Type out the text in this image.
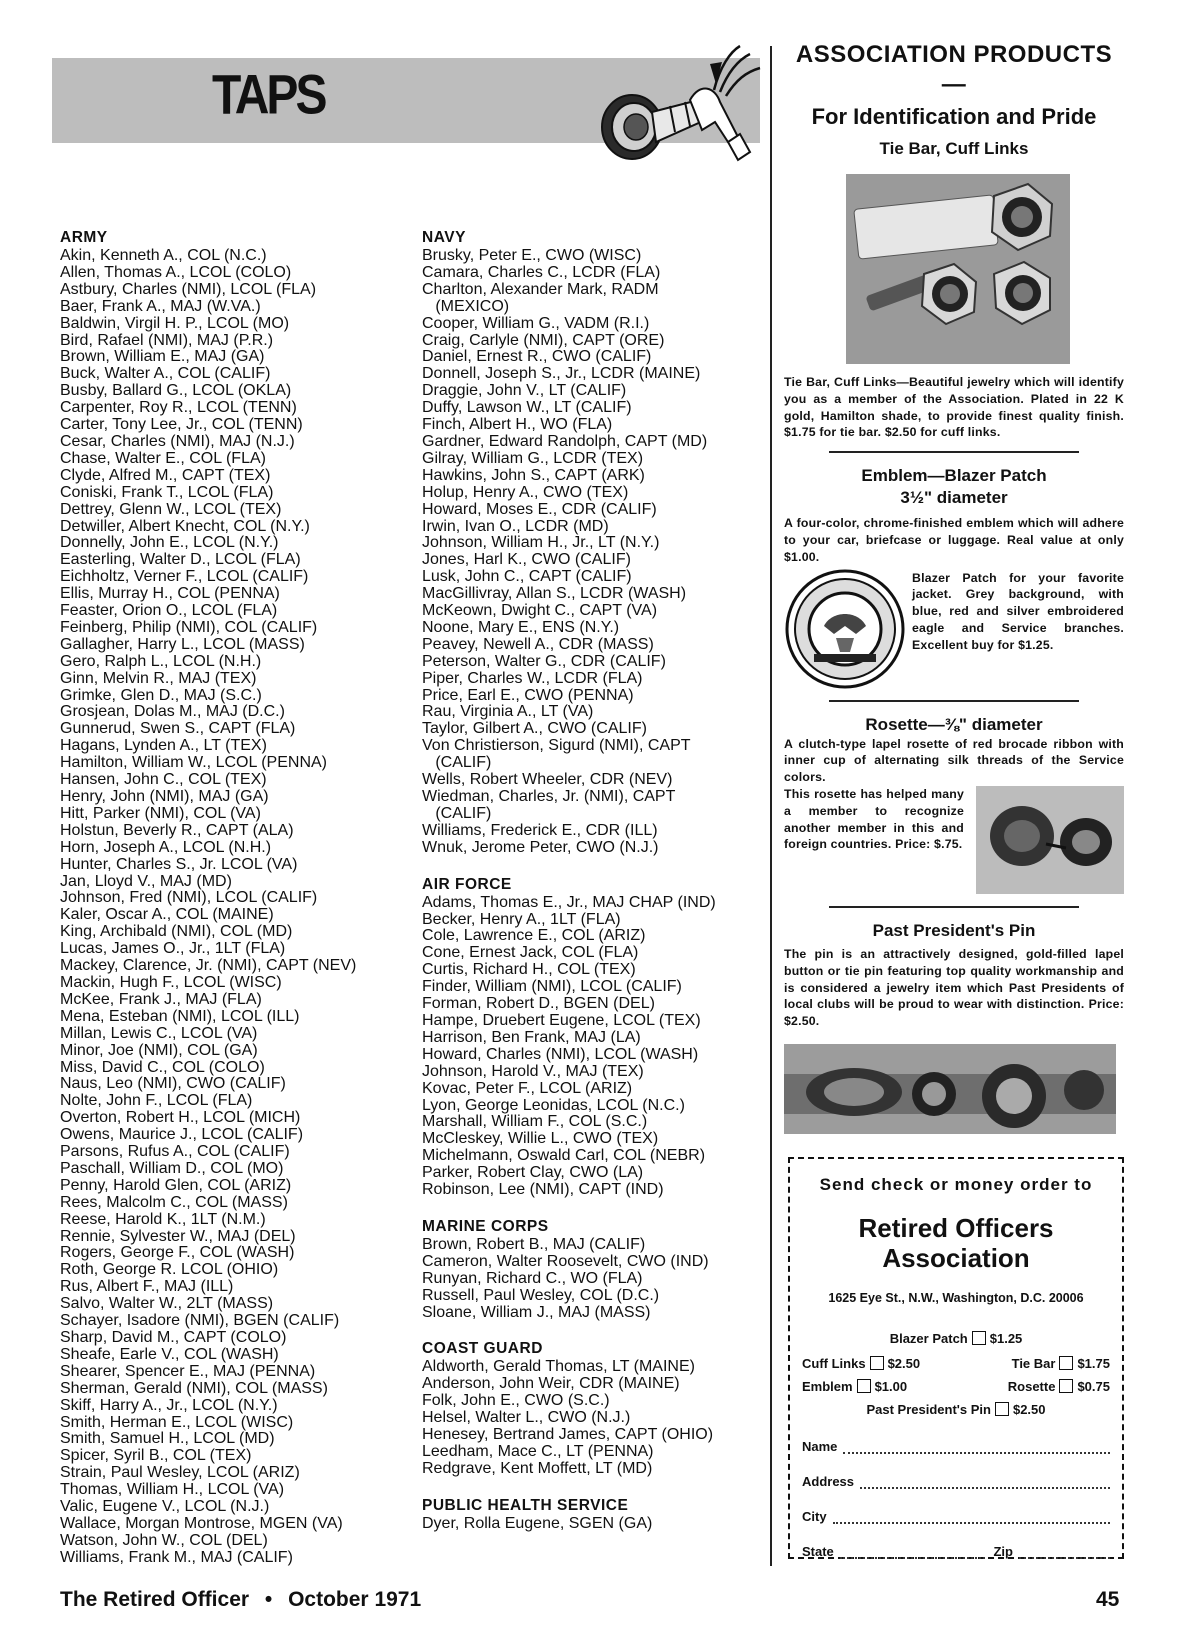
TAPS

ARMY

Akin, Kenneth A., COL (N.C.)
Allen, Thomas A., LCOL (COLO)
Astbury, Charles (NMI), LCOL (FLA)
Baer, Frank A., MAJ (W.VA.)
Baldwin, Virgil H. P., LCOL (MO)
Bird, Rafael (NMI), MAJ (P.R.)
Brown, William E., MAJ (GA)
Buck, Walter A., COL (CALIF)
Busby, Ballard G., LCOL (OKLA)
Carpenter, Roy R., LCOL (TENN)
Carter, Tony Lee, Jr., COL (TENN)
Cesar, Charles (NMI), MAJ (N.J.)
Chase, Walter E., COL (FLA)
Clyde, Alfred M., CAPT (TEX)
Coniski, Frank T., LCOL (FLA)
Dettrey, Glenn W., LCOL (TEX)
Detwiller, Albert Knecht, COL (N.Y.)
Donnelly, John E., LCOL (N.Y.)
Easterling, Walter D., LCOL (FLA)
Eichholtz, Verner F., LCOL (CALIF)
Ellis, Murray H., COL (PENNA)
Feaster, Orion O., LCOL (FLA)
Feinberg, Philip (NMI), COL (CALIF)
Gallagher, Harry L., LCOL (MASS)
Gero, Ralph L., LCOL (N.H.)
Ginn, Melvin R., MAJ (TEX)
Grimke, Glen D., MAJ (S.C.)
Grosjean, Dolas M., MAJ (D.C.)
Gunnerud, Swen S., CAPT (FLA)
Hagans, Lynden A., LT (TEX)
Hamilton, William W., LCOL (PENNA)
Hansen, John C., COL (TEX)
Henry, John (NMI), MAJ (GA)
Hitt, Parker (NMI), COL (VA)
Holstun, Beverly R., CAPT (ALA)
Horn, Joseph A., LCOL (N.H.)
Hunter, Charles S., Jr. LCOL (VA)
Jan, Lloyd V., MAJ (MD)
Johnson, Fred (NMI), LCOL (CALIF)
Kaler, Oscar A., COL (MAINE)
King, Archibald (NMI), COL (MD)
Lucas, James O., Jr., 1LT (FLA)
Mackey, Clarence, Jr. (NMI), CAPT (NEV)
Mackin, Hugh F., LCOL (WISC)
McKee, Frank J., MAJ (FLA)
Mena, Esteban (NMI), LCOL (ILL)
Millan, Lewis C., LCOL (VA)
Minor, Joe (NMI), COL (GA)
Miss, David C., COL (COLO)
Naus, Leo (NMI), CWO (CALIF)
Nolte, John F., LCOL (FLA)
Overton, Robert H., LCOL (MICH)
Owens, Maurice J., LCOL (CALIF)
Parsons, Rufus A., COL (CALIF)
Paschall, William D., COL (MO)
Penny, Harold Glen, COL (ARIZ)
Rees, Malcolm C., COL (MASS)
Reese, Harold K., 1LT (N.M.)
Rennie, Sylvester W., MAJ (DEL)
Rogers, George F., COL (WASH)
Roth, George R. LCOL (OHIO)
Rus, Albert F., MAJ (ILL)
Salvo, Walter W., 2LT (MASS)
Schayer, Isadore (NMI), BGEN (CALIF)
Sharp, David M., CAPT (COLO)
Sheafe, Earle V., COL (WASH)
Shearer, Spencer E., MAJ (PENNA)
Sherman, Gerald (NMI), COL (MASS)
Skiff, Harry A., Jr., LCOL (N.Y.)
Smith, Herman E., LCOL (WISC)
Smith, Samuel H., LCOL (MD)
Spicer, Syril B., COL (TEX)
Strain, Paul Wesley, LCOL (ARIZ)
Thomas, William H., LCOL (VA)
Valic, Eugene V., LCOL (N.J.)
Wallace, Morgan Montrose, MGEN (VA)
Watson, John W., COL (DEL)
Williams, Frank M., MAJ (CALIF)

NAVY

Brusky, Peter E., CWO (WISC)
Camara, Charles C., LCDR (FLA)
Charlton, Alexander Mark, RADM
(MEXICO)
Cooper, William G., VADM (R.I.)
Craig, Carlyle (NMI), CAPT (ORE)
Daniel, Ernest R., CWO (CALIF)
Donnell, Joseph S., Jr., LCDR (MAINE)
Draggie, John V., LT (CALIF)
Duffy, Lawson W., LT (CALIF)
Finch, Albert H., WO (FLA)
Gardner, Edward Randolph, CAPT (MD)
Gilray, William G., LCDR (TEX)
Hawkins, John S., CAPT (ARK)
Holup, Henry A., CWO (TEX)
Howard, Moses E., CDR (CALIF)
Irwin, Ivan O., LCDR (MD)
Johnson, William H., Jr., LT (N.Y.)
Jones, Harl K., CWO (CALIF)
Lusk, John C., CAPT (CALIF)
MacGillivray, Allan S., LCDR (WASH)
McKeown, Dwight C., CAPT (VA)
Noone, Mary E., ENS (N.Y.)
Peavey, Newell A., CDR (MASS)
Peterson, Walter G., CDR (CALIF)
Piper, Charles W., LCDR (FLA)
Price, Earl E., CWO (PENNA)
Rau, Virginia A., LT (VA)
Taylor, Gilbert A., CWO (CALIF)
Von Christierson, Sigurd (NMI), CAPT
(CALIF)
Wells, Robert Wheeler, CDR (NEV)
Wiedman, Charles, Jr. (NMI), CAPT
(CALIF)
Williams, Frederick E., CDR (ILL)
Wnuk, Jerome Peter, CWO (N.J.)

AIR FORCE

Adams, Thomas E., Jr., MAJ CHAP (IND)
Becker, Henry A., 1LT (FLA)
Cole, Lawrence E., COL (ARIZ)
Cone, Ernest Jack, COL (FLA)
Curtis, Richard H., COL (TEX)
Finder, William (NMI), LCOL (CALIF)
Forman, Robert D., BGEN (DEL)
Hampe, Druebert Eugene, LCOL (TEX)
Harrison, Ben Frank, MAJ (LA)
Howard, Charles (NMI), LCOL (WASH)
Johnson, Harold V., MAJ (TEX)
Kovac, Peter F., LCOL (ARIZ)
Lyon, George Leonidas, LCOL (N.C.)
Marshall, William F., COL (S.C.)
McCleskey, Willie L., CWO (TEX)
Michelmann, Oswald Carl, COL (NEBR)
Parker, Robert Clay, CWO (LA)
Robinson, Lee (NMI), CAPT (IND)

MARINE CORPS

Brown, Robert B., MAJ (CALIF)
Cameron, Walter Roosevelt, CWO (IND)
Runyan, Richard C., WO (FLA)
Russell, Paul Wesley, COL (D.C.)
Sloane, William J., MAJ (MASS)

COAST GUARD

Aldworth, Gerald Thomas, LT (MAINE)
Anderson, John Weir, CDR (MAINE)
Folk, John E., CWO (S.C.)
Helsel, Walter L., CWO (N.J.)
Henesey, Bertrand James, CAPT (OHIO)
Leedham, Mace C., LT (PENNA)
Redgrave, Kent Moffett, LT (MD)

PUBLIC HEALTH SERVICE

Dyer, Rolla Eugene, SGEN (GA)

ASSOCIATION PRODUCTS—

For Identification and Pride

Tie Bar, Cuff Links

Tie Bar, Cuff Links—Beautiful jewelry which will identify you as a member of the Association. Plated in 22 K gold, Hamilton shade, to provide finest quality finish. $1.75 for tie bar. $2.50 for cuff links.

Emblem—Blazer Patch

3½" diameter

A four-color, chrome-finished emblem which will adhere to your car, briefcase or luggage. Real value at only $1.00.

Blazer Patch for your favorite jacket. Grey background, with blue, red and silver embroidered eagle and Service branches. Excellent buy for $1.25.

Rosette—⅜" diameter

A clutch-type lapel rosette of red brocade ribbon with inner cup of alternating silk threads of the Service colors.

This rosette has helped many a member to recognize another member in this and foreign countries. Price: $.75.

Past President's Pin

The pin is an attractively designed, gold-filled lapel button or tie pin featuring top quality workmanship and is considered a jewelry item which Past Presidents of local clubs will be proud to wear with distinction. Price: $2.50.

Send check or money order to
Retired Officers
Association
1625 Eye St., N.W., Washington, D.C. 20006
Blazer Patch $1.25
Cuff Links $2.50	Tie Bar $1.75
Emblem $1.00	Rosette $0.75
Past President's Pin $2.50
Name
Address
City
State	Zip
The Retired Officer • October 1971	45
